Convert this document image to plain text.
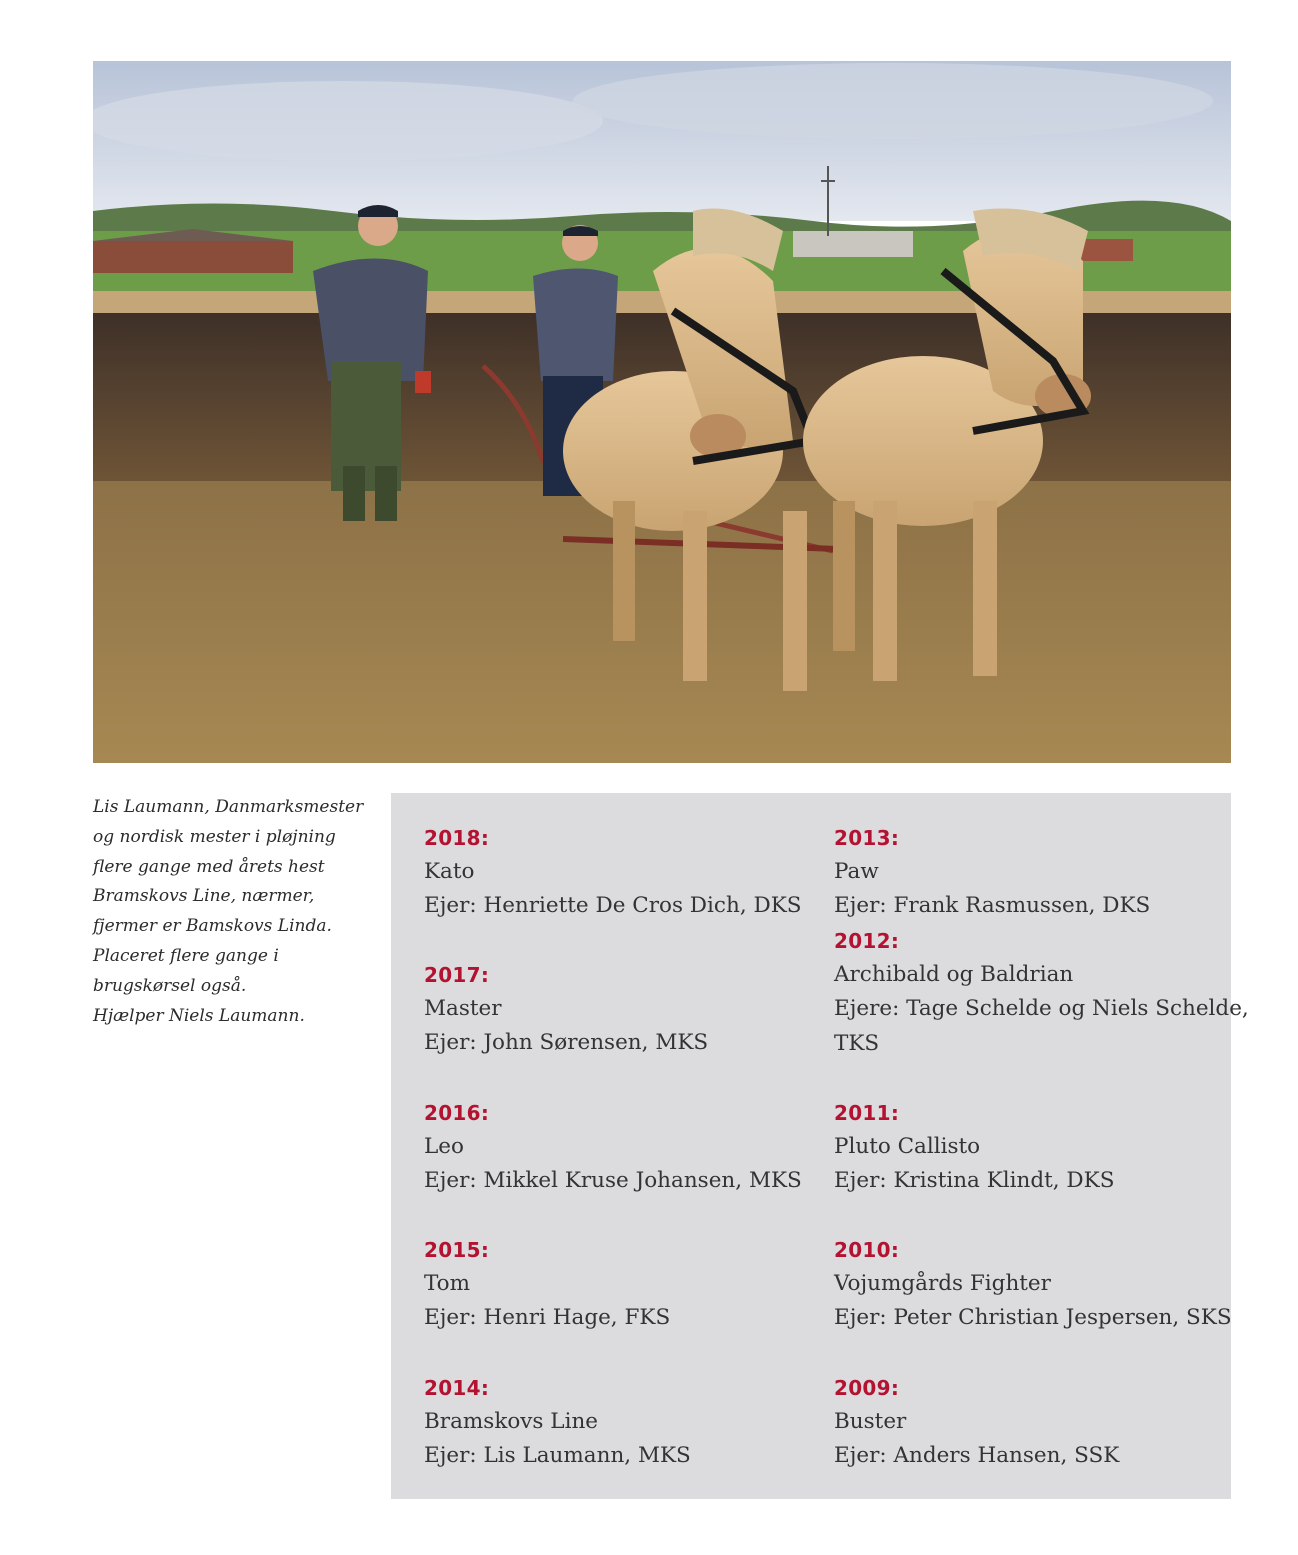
Lis Laumann, Danmarksmester
og nordisk mester i pløjning
flere gange med årets hest
Bramskovs Line, nærmer,
fjermer er Bamskovs Linda.
Placeret flere gange i
brugskørsel også.
Hjælper Niels Laumann.
2018:
Kato
Ejer: Henriette De Cros Dich, DKS
2017:
Master
Ejer: John Sørensen, MKS
2016:
Leo
Ejer: Mikkel Kruse Johansen, MKS
2015:
Tom
Ejer: Henri Hage, FKS
2014:
Bramskovs Line
Ejer: Lis Laumann, MKS
2013:
Paw
Ejer: Frank Rasmussen, DKS
2012:
Archibald og Baldrian
Ejere: Tage Schelde og Niels Schelde,
TKS
2011:
Pluto Callisto
Ejer: Kristina Klindt, DKS
2010:
Vojumgårds Fighter
Ejer: Peter Christian Jespersen, SKS
2009:
Buster
Ejer: Anders Hansen, SSK
